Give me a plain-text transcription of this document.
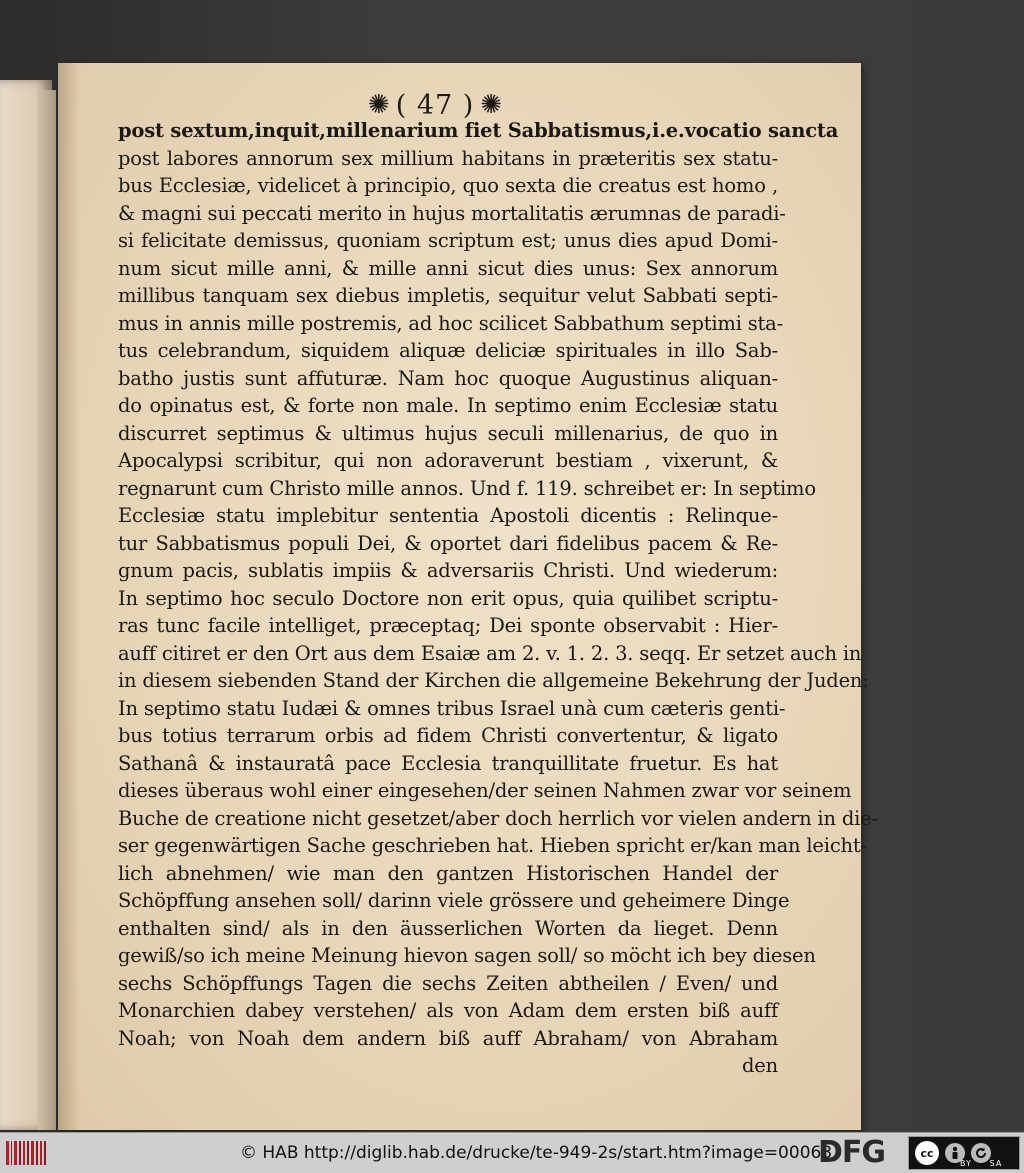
✺ ( 47 ) ✺
post sextum,inquit,millenarium fiet Sabbatismus,i.e.vocatio sancta
post labores annorum sex millium habitans in præteritis sex statu-
bus Ecclesiæ, videlicet à principio, quo sexta die creatus est homo ,
& magni sui peccati merito in hujus mortalitatis ærumnas de paradi-
si felicitate demissus, quoniam scriptum est; unus dies apud Domi-
num sicut mille anni, & mille anni sicut dies unus: Sex annorum
millibus tanquam sex diebus impletis, sequitur velut Sabbati septi-
mus in annis mille postremis, ad hoc scilicet Sabbathum septimi sta-
tus celebrandum, siquidem aliquæ deliciæ spirituales in illo Sab-
batho justis sunt affuturæ. Nam hoc quoque Augustinus aliquan-
do opinatus est, & forte non male. In septimo enim Ecclesiæ statu
discurret septimus & ultimus hujus seculi millenarius, de quo in
Apocalypsi scribitur, qui non adoraverunt bestiam , vixerunt, &
regnarunt cum Christo mille annos. Und f. 119. schreibet er: In septimo
Ecclesiæ statu implebitur sententia Apostoli dicentis : Relinque-
tur Sabbatismus populi Dei, & oportet dari fidelibus pacem & Re-
gnum pacis, sublatis impiis & adversariis Christi. Und wiederum:
In septimo hoc seculo Doctore non erit opus, quia quilibet scriptu-
ras tunc facile intelliget, præceptaq; Dei sponte observabit : Hier-
auff citiret er den Ort aus dem Esaiæ am 2. v. 1. 2. 3. seqq. Er setzet auch in
in diesem siebenden Stand der Kirchen die allgemeine Bekehrung der Juden:
In septimo statu Iudæi & omnes tribus Israel unà cum cæteris genti-
bus totius terrarum orbis ad fidem Christi convertentur, & ligato
Sathanâ & instauratâ pace Ecclesia tranquillitate fruetur. Es hat
dieses überaus wohl einer eingesehen/der seinen Nahmen zwar vor seinem
Buche de creatione nicht gesetzet/aber doch herrlich vor vielen andern in die-
ser gegenwärtigen Sache geschrieben hat. Hieben spricht er/kan man leicht-
lich abnehmen/ wie man den gantzen Historischen Handel der
Schöpffung ansehen soll/ darinn viele grössere und geheimere Dinge
enthalten sind/ als in den äusserlichen Worten da lieget. Denn
gewiß/so ich meine Meinung hievon sagen soll/ so möcht ich bey diesen
sechs Schöpffungs Tagen die sechs Zeiten abtheilen / Even/ und
Monarchien dabey verstehen/ als von Adam dem ersten biß auff
Noah; von Noah dem andern biß auff Abraham/ von Abraham
den
© HAB http://diglib.hab.de/drucke/te-949-2s/start.htm?image=00063
DFG	cc
BY SA
